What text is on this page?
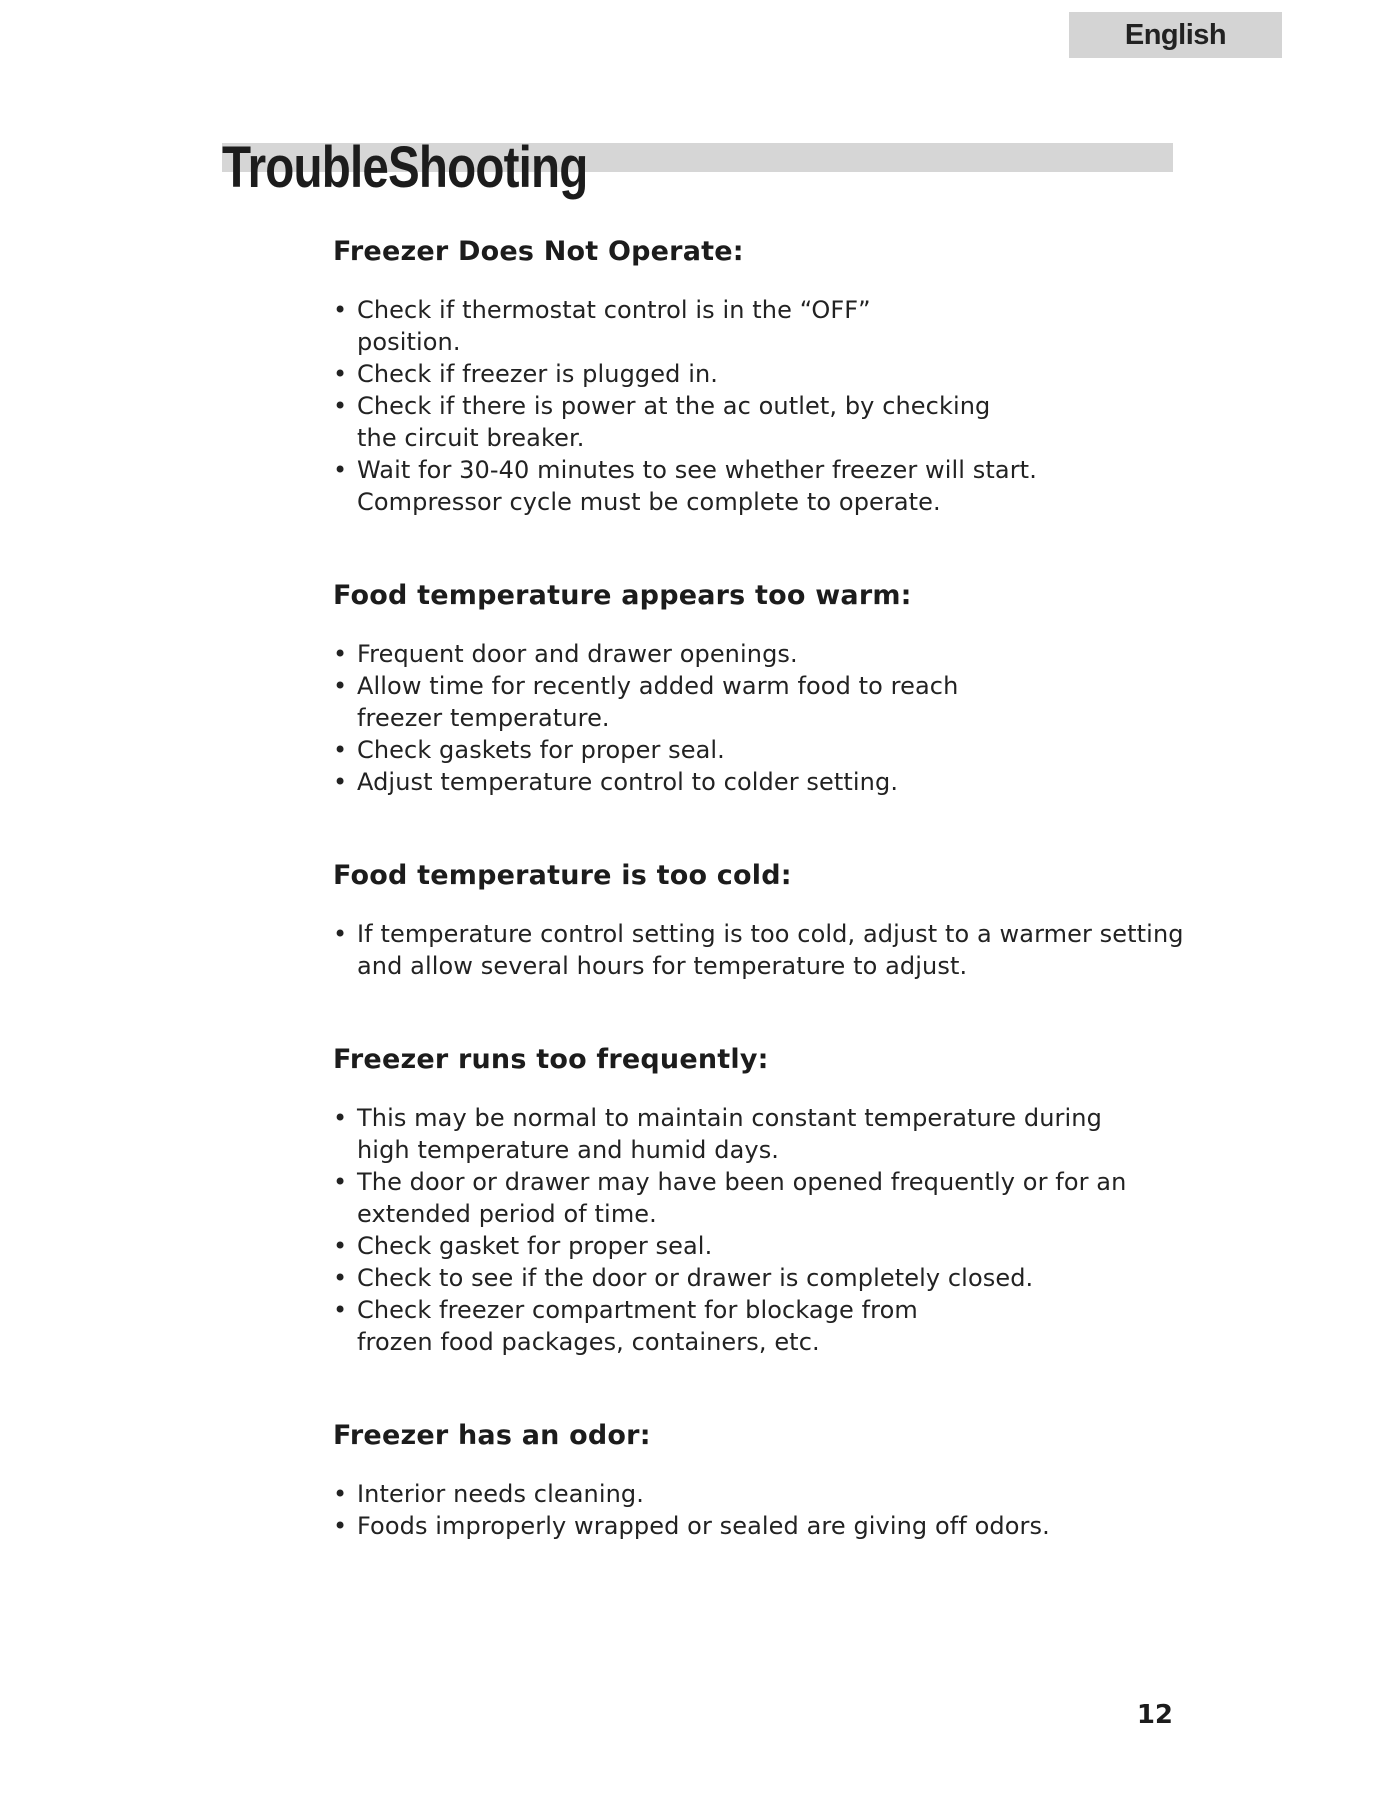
English
TroubleShooting
Freezer Does Not Operate:
• Check if thermostat control is in the “OFF” position.
• Check if freezer is plugged in.
• Check if there is power at the ac outlet, by checking the circuit breaker.
• Wait for 30-40 minutes to see whether freezer will start. Compressor cycle must be complete to operate.
Food temperature appears too warm:
• Frequent door and drawer openings.
• Allow time for recently added warm food to reach freezer temperature.
• Check gaskets for proper seal.
• Adjust temperature control to colder setting.
Food temperature is too cold:
• If temperature control setting is too cold, adjust to a warmer setting and allow several hours for temperature to adjust.
Freezer runs too frequently:
• This may be normal to maintain constant temperature during high temperature and humid days.
• The door or drawer may have been opened frequently or for an extended period of time.
• Check gasket for proper seal.
• Check to see if the door or drawer is completely closed.
• Check freezer compartment for blockage from frozen food packages, containers, etc.
Freezer has an odor:
• Interior needs cleaning.
• Foods improperly wrapped or sealed are giving off odors.
12
